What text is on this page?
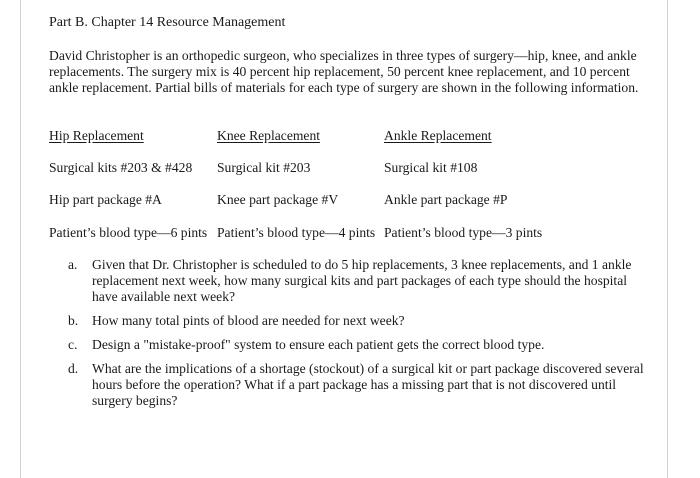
Part B. Chapter 14 Resource Management
David Christopher is an orthopedic surgeon, who specializes in three types of surgery—hip, knee, and ankle replacements. The surgery mix is 40 percent hip replacement, 50 percent knee replacement, and 10 percent ankle replacement. Partial bills of materials for each type of surgery are shown in the following information.
Hip Replacement	Knee Replacement	Ankle Replacement
Surgical kits #203 & #428 Surgical kit #203	Surgical kit #108
Hip part package #A	Knee part package #V	Ankle part package #P
Patient’s blood type—6 pints Patient’s blood type—4 pints Patient’s blood type—3 pints
a.	Given that Dr. Christopher is scheduled to do 5 hip replacements, 3 knee replacements, and 1 ankle replacement next week, how many surgical kits and part packages of each type should the hospital have available next week?
b.	How many total pints of blood are needed for next week?
c.	Design a "mistake-proof" system to ensure each patient gets the correct blood type.
d.	What are the implications of a shortage (stockout) of a surgical kit or part package discovered several hours before the operation? What if a part package has a missing part that is not discovered until surgery begins?
